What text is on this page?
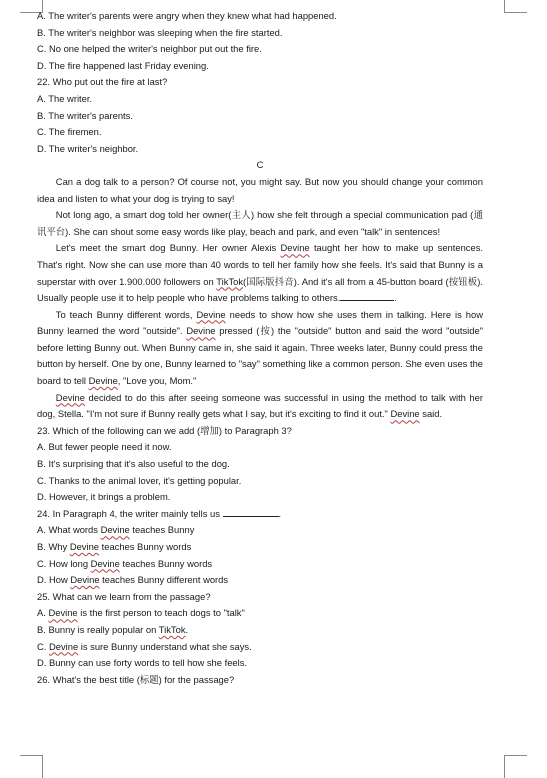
A. The writer's parents were angry when they knew what had happened.
B. The writer's neighbor was sleeping when the fire started.
C. No one helped the writer's neighbor put out the fire.
D. The fire happened last Friday evening.
22. Who put out the fire at last?
A. The writer.
B. The writer's parents.
C. The firemen.
D. The writer's neighbor.
C

Can a dog talk to a person? Of course not, you might say. But now you should change your common idea and listen to what your dog is trying to say!

Not long ago, a smart dog told her owner(主人) how she felt through a special communication pad (通讯平台). She can shout some easy words like play, beach and park, and even "talk" in sentences!

Let's meet the smart dog Bunny. Her owner Alexis Devine taught her how to make up sentences. That's right. Now she can use more than 40 words to tell her family how she feels. It's said that Bunny is a superstar with over 1.900.000 followers on TikTok(国际版抖音). And it's all from a 45-button board (按钮板). Usually people use it to help people who have problems talking to others.	.

To teach Bunny different words, Devine needs to show how she uses them in talking. Here is how Bunny learned the word "outside". Devine pressed (按) the "outside" button and said the word "outside" before letting Bunny out. When Bunny came in, she said it again. Three weeks later, Bunny could press the button by herself. One by one, Bunny learned to "say" something like a common person. She even uses the board to tell Devine, "Love you, Mom."

Devine decided to do this after seeing someone was successful in using the method to talk with her dog, Stella. "I'm not sure if Bunny really gets what I say, but it's exciting to find it out." Devine said.

23. Which of the following can we add (增加) to Paragraph 3?
A. But fewer people need it now.
B. It's surprising that it's also useful to the dog.
C. Thanks to the animal lover, it's getting popular.
D. However, it brings a problem.
24. In Paragraph 4, the writer mainly tells us	.
A. What words Devine teaches Bunny
B. Why Devine teaches Bunny words
C. How long Devine teaches Bunny words
D. How Devine teaches Bunny different words
25. What can we learn from the passage?
A. Devine is the first person to teach dogs to "talk"
B. Bunny is really popular on TikTok.
C. Devine is sure Bunny understand what she says.
D. Bunny can use forty words to tell how she feels.
26. What's the best title (标题) for the passage?
